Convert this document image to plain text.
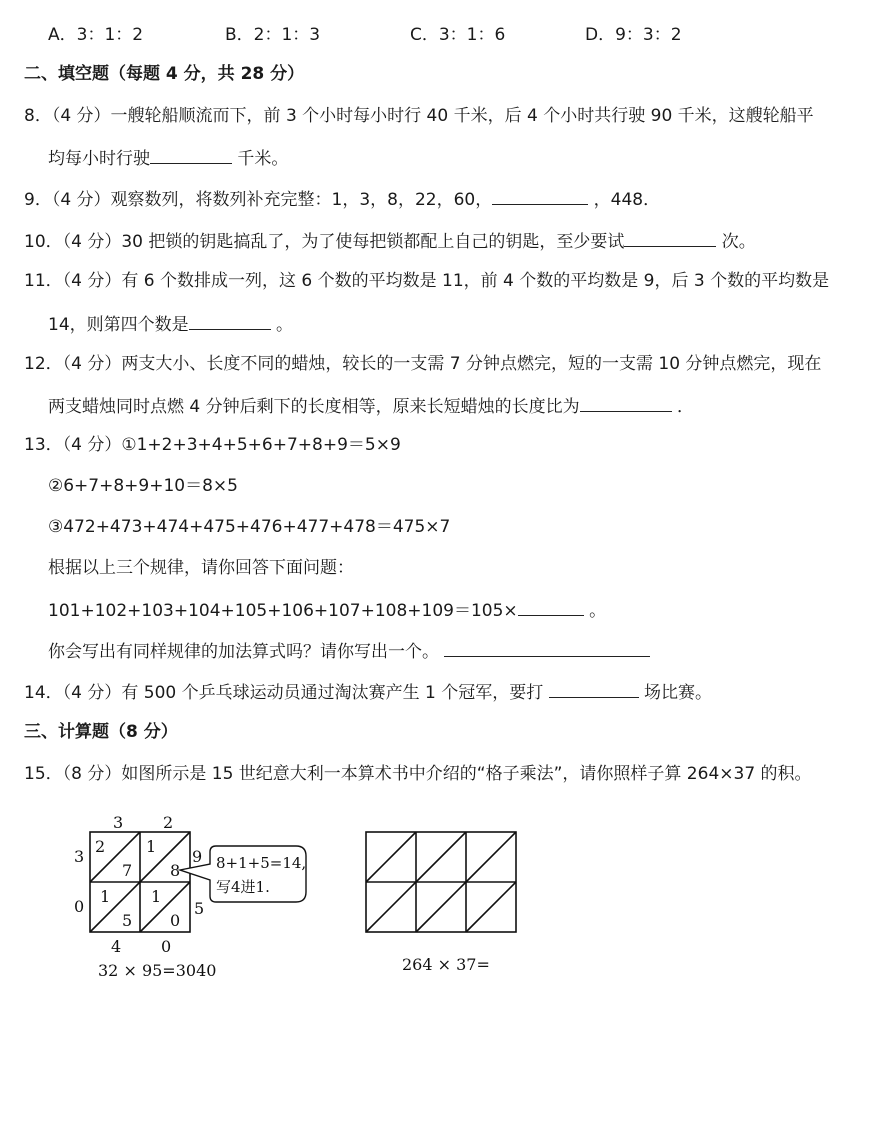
A．3：1：2	B．2：1：3	C．3：1：6	D．9：3：2
二、填空题（每题 4 分，共 28 分）
8．（4 分）一艘轮船顺流而下，前 3 个小时每小时行 40 千米，后 4 个小时共行驶 90 千米，这艘轮船平
均每小时行驶	千米。
9．（4 分）观察数列，将数列补充完整：1，3，8，22，60，	，448．
10．（4 分）30 把锁的钥匙搞乱了，为了使每把锁都配上自己的钥匙，至少要试	次。
11．（4 分）有 6 个数排成一列，这 6 个数的平均数是 11，前 4 个数的平均数是 9，后 3 个数的平均数是
14，则第四个数是	。
12．（4 分）两支大小、长度不同的蜡烛，较长的一支需 7 分钟点燃完，短的一支需 10 分钟点燃完，现在
两支蜡烛同时点燃 4 分钟后剩下的长度相等，原来长短蜡烛的长度比为	．
13．（4 分）①1+2+3+4+5+6+7+8+9＝5×9
②6+7+8+9+10＝8×5
③472+473+474+475+476+477+478＝475×7
根据以上三个规律，请你回答下面问题：
101+102+103+104+105+106+107+108+109＝105×	。
你会写出有同样规律的加法算式吗？请你写出一个。
14．（4 分）有 500 个乒乓球运动员通过淘汰赛产生 1 个冠军，要打	场比赛。
三、计算题（8 分）
15．（8 分）如图所示是 15 世纪意大利一本算术书中介绍的“格子乘法”，请你照样子算 264×37 的积。
3 2
3
0
2
7
1
8
1
5
1
0
9
5
4 0
8+1+5=14,
写4进1.
32 × 95=3040	264 × 37=
